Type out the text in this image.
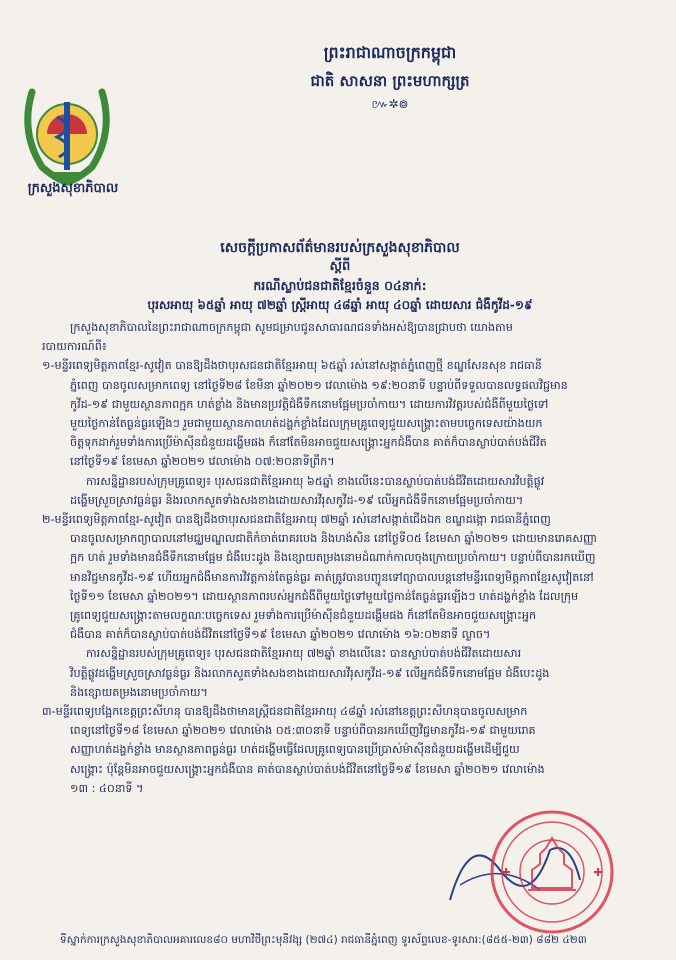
ក្រសួងសុខាភិបាល
ព្រះរាជាណាចក្រកម្ពុជា
ជាតិ សាសនា ព្រះមហាក្សត្រ
៚✲៙
សេចក្ដីប្រកាសព័ត៌មានរបស់ក្រសួងសុខាភិបាល
ស្ដីពី
ករណីស្លាប់ជនជាតិខ្មែរចំនួន ០៤នាក់:
បុរសអាយុ ៦៥ឆ្នាំ អាយុ ៧២ឆ្នាំ ស្ត្រីអាយុ ៤៨ឆ្នាំ អាយុ ៤០ឆ្នាំ ដោយសារ ជំងឺកូវីដ-១៩

ក្រសួងសុខាភិបាលនៃព្រះរាជាណាចក្រកម្ពុជា សូមជម្រាបជូនសាធារណជនទាំងអស់ឱ្យបានជ្រាបថា យោងតាម

របាយការណ៍ពី៖

១-មន្ទីរពេទ្យមិត្តភាពខ្មែរ-សូវៀត បានឱ្យដឹងថាបុរសជនជាតិខ្មែរអាយុ ៦៥ឆ្នាំ រស់នៅសង្កាត់ភ្នំពេញថ្មី ខណ្ឌសែនសុខ រាជធានី

ភ្នំពេញ បានចូលសម្រាកពេទ្យ នៅថ្ងៃទី២៨ ខែមីនា ឆ្នាំ២០២១ វេលាម៉ោង ១៩:២០នាទី បន្ទាប់ពីទទួលបានលទ្ធផលវិជ្ជមាន

កូវីដ-១៩ ជាមួយស្ថានភាពក្អក ហត់ខ្លាំង និងមានប្រវត្តិជំងឺទឹកនោមផ្អែមប្រចាំកាយ។ ដោយការវិវត្តរបស់ជំងឺពីមួយថ្ងៃទៅ

មួយថ្ងៃកាន់តែធ្ងន់ធ្ងរឡើងៗ រួមជាមួយស្ថានភាពហត់ដង្ហក់ខ្លាំងដែលក្រុមគ្រូពេទ្យជួយសង្គ្រោះតាមបច្ចេកទេសយ៉ាងយក

ចិត្តទុកដាក់រួមទាំងការប្រើម៉ាស៊ីនជំនួយដង្ហើមផង ក៏នៅតែមិនអាចជួយសង្គ្រោះអ្នកជំងឺបាន គាត់ក៏បានស្លាប់បាត់បង់ជីវិត

នៅថ្ងៃទី១៩ ខែមេសា ឆ្នាំ២០២១ វេលាម៉ោង ០៧:២០នាទីព្រឹក។

ការសន្និដ្ឋានរបស់ក្រុមគ្រូពេទ្យ៖ បុរសជនជាតិខ្មែរអាយុ ៦៥ឆ្នាំ ខាងលើនេះបានស្លាប់បាត់បង់ជីវិតដោយសារវិបត្តិផ្លូវ

ដង្ហើមស្រួចស្រាវធ្ងន់ធ្ងរ និងរលាកសួតទាំងសងខាងដោយសារវីរុសកូវីដ-១៩ លើអ្នកជំងឺទឹកនោមផ្អែមប្រចាំកាយ។

២-មន្ទីរពេទ្យមិត្តភាពខ្មែរ-សូវៀត បានឱ្យដឹងថាបុរសជនជាតិខ្មែរអាយុ ៧២ឆ្នាំ រស់នៅសង្កាត់ជើងឯក ខណ្ឌដង្កោ រាជធានីភ្នំពេញ

បានចូលសម្រាកព្យាបាលនៅមជ្ឈមណ្ឌលជាតិកំចាត់រោគរបេង និងហង់សិន នៅថ្ងៃទី០៥ ខែមេសា ឆ្នាំ២០២១ ដោយមានរោគសញ្ញា

ក្អក ហត់ រួមទាំងមានជំងឺទឹកនោមផ្អែម ជំងឺបេះដូង និងខ្សោយតម្រងនោមដំណាក់កាលចុងក្រោយប្រចាំកាយ។ បន្ទាប់ពីបានរកឃើញ

មានវិជ្ជមានកូវីដ-១៩ ហើយអ្នកជំងឺមានការវិវត្តកាន់តែធ្ងន់ធ្ងរ គាត់ត្រូវបានបញ្ជូនទៅព្យាបាលបន្តនៅមន្ទីរពេទ្យមិត្តភាពខ្មែរសូវៀតនៅ

ថ្ងៃទី១១ ខែមេសា ឆ្នាំ២០២១។ ដោយស្ថានភាពរបស់អ្នកជំងឺពីមួយថ្ងៃទៅមួយថ្ងៃកាន់តែធ្ងន់ធ្ងរឡើងៗ ហត់ដង្ហក់ខ្លាំង ដែលក្រុម

គ្រូពេទ្យជួយសង្គ្រោះតាមលក្ខណៈបច្ចេកទេស រួមទាំងការប្រើម៉ាស៊ីនជំនួយដង្ហើមផង ក៏នៅតែមិនអាចជួយសង្គ្រោះអ្នក

ជំងឺបាន គាត់ក៏បានស្លាប់បាត់បង់ជីវិតនៅថ្ងៃទី១៩ ខែមេសា ឆ្នាំ២០២១ វេលាម៉ោង ១៦:០២នាទី ល្ងាច។

ការសន្និដ្ឋានរបស់ក្រុមគ្រូពេទ្យ៖ បុរសជនជាតិខ្មែរអាយុ ៧២ឆ្នាំ ខាងលើនេះ បានស្លាប់បាត់បង់ជីវិតដោយសារ

វិបត្តិផ្លូវដង្ហើមស្រួចស្រាវធ្ងន់ធ្ងរ និងរលាកសួតទាំងសងខាងដោយសារវីរុសកូវីដ-១៩ លើអ្នកជំងឺទឹកនោមផ្អែម ជំងឺបេះដូង

និងខ្សោយតម្រងនោមប្រចាំកាយ។

៣-មន្ទីរពេទ្យបង្អែកខេត្តព្រះសីហនុ បានឱ្យដឹងថាមានស្ត្រីជនជាតិខ្មែរអាយុ ៤៨ឆ្នាំ រស់នៅខេត្តព្រះសីហនុបានចូលសម្រាក

ពេទ្យនៅថ្ងៃទី១៨ ខែមេសា ឆ្នាំ២០២១ វេលាម៉ោង ០៥:៣០នាទី បន្ទាប់ពីបានរកឃើញវិជ្ជមានកូវីដ-១៩ ជាមួយរោគ

សញ្ញាហត់ដង្ហក់ខ្លាំង មានស្ថានភាពធ្ងន់ធ្ងរ ហត់ដង្ហើមធ្វើដែលគ្រូពេទ្យបានប្រើប្រាស់ម៉ាស៊ីនជំនួយដង្ហើមដើម្បីជួយ

សង្គ្រោះ ប៉ុន្តែមិនអាចជួយសង្គ្រោះអ្នកជំងឺបាន គាត់បានស្លាប់បាត់បង់ជីវិតនៅថ្ងៃទី១៩ ខែមេសា ឆ្នាំ២០២១ វេលាម៉ោង

១៣ : ៤០នាទី ។

ទីស្នាក់ការក្រសួងសុខាភិបាលអគារលេខ៨០ មហាវិថីព្រះមុនីវង្ស (២៧៤) រាជធានីភ្នំពេញ ទូរស័ព្ទលេខ-ទូរសារ:(៨៥៥-២៣) ៨៨២ ៤២៣
